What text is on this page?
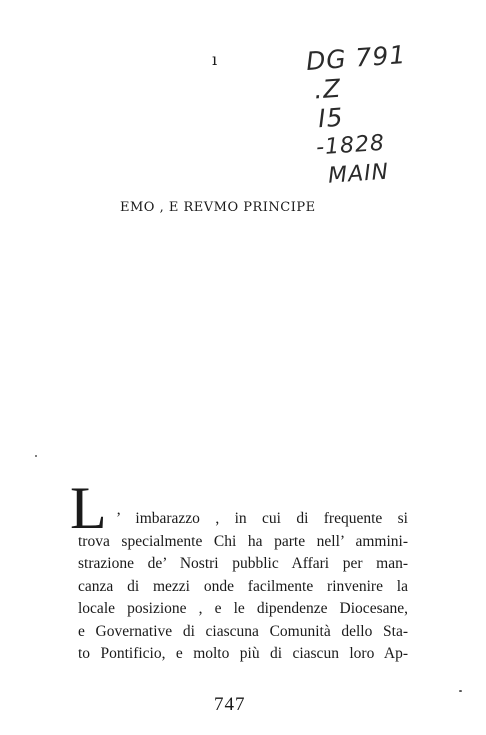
ı	DG 791
.Z
I5
-1828
MAIN
EMO , E REVMO PRINCIPE
L ’ imbarazzo , in cui di frequente si
trova specialmente Chi ha parte nell’ ammini-
strazione de’ Nostri pubblic Affari per man-
canza di mezzi onde facilmente rinvenire la
locale posizione , e le dipendenze Diocesane,
e Governative di ciascuna Comunità dello Sta-
to Pontificio, e molto più di ciascun loro Ap-
747
